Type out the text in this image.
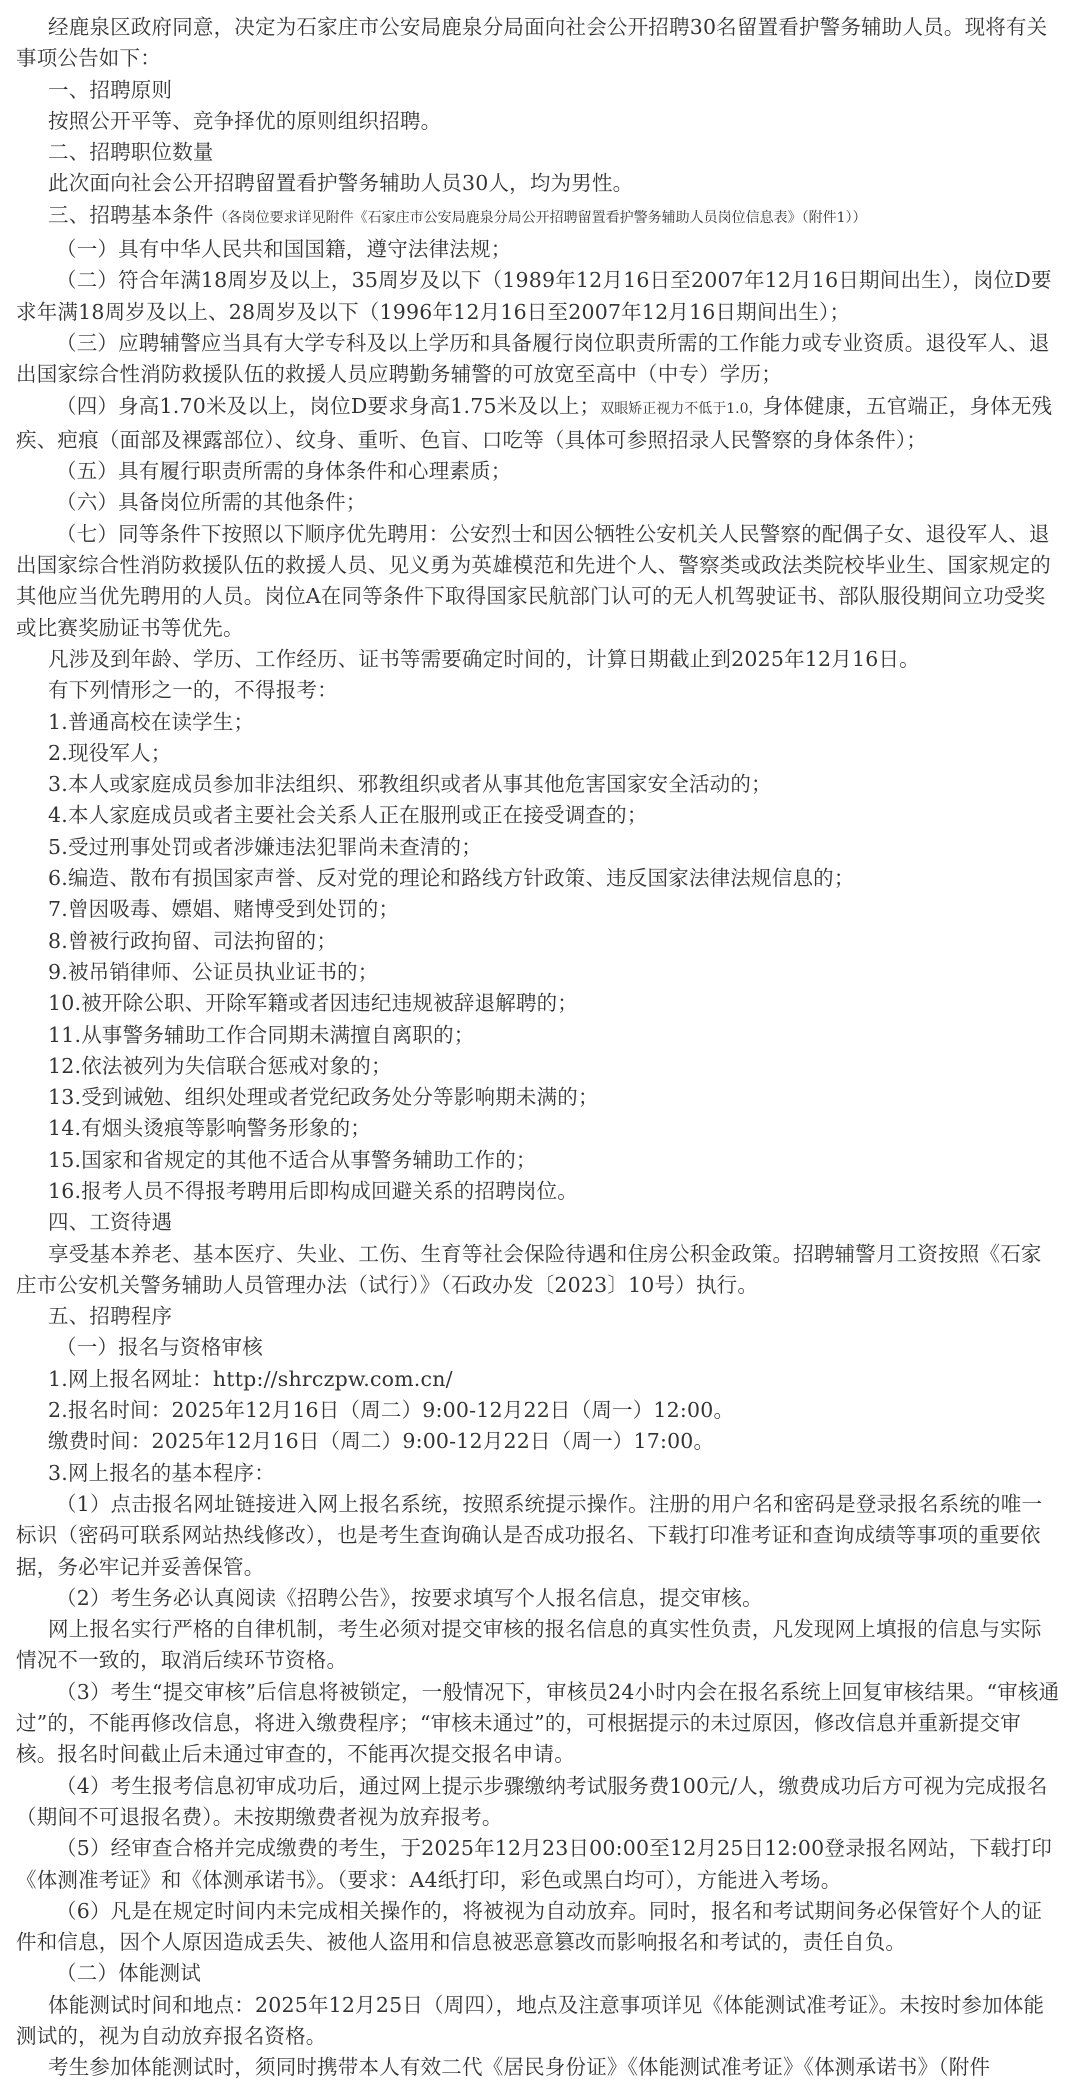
经鹿泉区政府同意，决定为石家庄市公安局鹿泉分局面向社会公开招聘30名留置看护警务辅助人员。现将有关事项公告如下：

一、招聘原则

按照公开平等、竞争择优的原则组织招聘。

二、招聘职位数量

此次面向社会公开招聘留置看护警务辅助人员30人，均为男性。

三、招聘基本条件（各岗位要求详见附件《石家庄市公安局鹿泉分局公开招聘留置看护警务辅助人员岗位信息表》（附件1））

（一）具有中华人民共和国国籍，遵守法律法规；

（二）符合年满18周岁及以上，35周岁及以下（1989年12月16日至2007年12月16日期间出生），岗位D要求年满18周岁及以上、28周岁及以下（1996年12月16日至2007年12月16日期间出生）；

（三）应聘辅警应当具有大学专科及以上学历和具备履行岗位职责所需的工作能力或专业资质。退役军人、退出国家综合性消防救援队伍的救援人员应聘勤务辅警的可放宽至高中（中专）学历；

（四）身高1.70米及以上，岗位D要求身高1.75米及以上；双眼矫正视力不低于1.0，身体健康，五官端正，身体无残疾、疤痕（面部及裸露部位）、纹身、重听、色盲、口吃等（具体可参照招录人民警察的身体条件）；

（五）具有履行职责所需的身体条件和心理素质；

（六）具备岗位所需的其他条件；

（七）同等条件下按照以下顺序优先聘用：公安烈士和因公牺牲公安机关人民警察的配偶子女、退役军人、退出国家综合性消防救援队伍的救援人员、见义勇为英雄模范和先进个人、警察类或政法类院校毕业生、国家规定的其他应当优先聘用的人员。岗位A在同等条件下取得国家民航部门认可的无人机驾驶证书、部队服役期间立功受奖或比赛奖励证书等优先。

凡涉及到年龄、学历、工作经历、证书等需要确定时间的，计算日期截止到2025年12月16日。

有下列情形之一的，不得报考：

1.普通高校在读学生；

2.现役军人；

3.本人或家庭成员参加非法组织、邪教组织或者从事其他危害国家安全活动的；

4.本人家庭成员或者主要社会关系人正在服刑或正在接受调查的；

5.受过刑事处罚或者涉嫌违法犯罪尚未查清的；

6.编造、散布有损国家声誉、反对党的理论和路线方针政策、违反国家法律法规信息的；

7.曾因吸毒、嫖娼、赌博受到处罚的；

8.曾被行政拘留、司法拘留的；

9.被吊销律师、公证员执业证书的；

10.被开除公职、开除军籍或者因违纪违规被辞退解聘的；

11.从事警务辅助工作合同期未满擅自离职的；

12.依法被列为失信联合惩戒对象的；

13.受到诫勉、组织处理或者党纪政务处分等影响期未满的；

14.有烟头烫痕等影响警务形象的；

15.国家和省规定的其他不适合从事警务辅助工作的；

16.报考人员不得报考聘用后即构成回避关系的招聘岗位。

四、工资待遇

享受基本养老、基本医疗、失业、工伤、生育等社会保险待遇和住房公积金政策。招聘辅警月工资按照《石家庄市公安机关警务辅助人员管理办法（试行）》（石政办发〔2023〕10号）执行。

五、招聘程序

（一）报名与资格审核

1.网上报名网址：http://shrczpw.com.cn/

2.报名时间：2025年12月16日（周二）9:00-12月22日（周一）12:00。

缴费时间：2025年12月16日（周二）9:00-12月22日（周一）17:00。

3.网上报名的基本程序：

（1）点击报名网址链接进入网上报名系统，按照系统提示操作。注册的用户名和密码是登录报名系统的唯一标识（密码可联系网站热线修改），也是考生查询确认是否成功报名、下载打印准考证和查询成绩等事项的重要依据，务必牢记并妥善保管。

（2）考生务必认真阅读《招聘公告》，按要求填写个人报名信息，提交审核。

网上报名实行严格的自律机制，考生必须对提交审核的报名信息的真实性负责，凡发现网上填报的信息与实际情况不一致的，取消后续环节资格。

（3）考生“提交审核”后信息将被锁定，一般情况下，审核员24小时内会在报名系统上回复审核结果。“审核通过”的，不能再修改信息，将进入缴费程序；“审核未通过”的，可根据提示的未过原因，修改信息并重新提交审核。报名时间截止后未通过审查的，不能再次提交报名申请。

（4）考生报考信息初审成功后，通过网上提示步骤缴纳考试服务费100元/人，缴费成功后方可视为完成报名（期间不可退报名费）。未按期缴费者视为放弃报考。

（5）经审查合格并完成缴费的考生，于2025年12月23日00:00至12月25日12:00登录报名网站，下载打印《体测准考证》和《体测承诺书》。（要求：A4纸打印，彩色或黑白均可），方能进入考场。

（6）凡是在规定时间内未完成相关操作的，将被视为自动放弃。同时，报名和考试期间务必保管好个人的证件和信息，因个人原因造成丢失、被他人盗用和信息被恶意篡改而影响报名和考试的，责任自负。

（二）体能测试

体能测试时间和地点：2025年12月25日（周四），地点及注意事项详见《体能测试准考证》。未按时参加体能测试的，视为自动放弃报名资格。

考生参加体能测试时，须同时携带本人有效二代《居民身份证》《体能测试准考证》《体测承诺书》（附件
